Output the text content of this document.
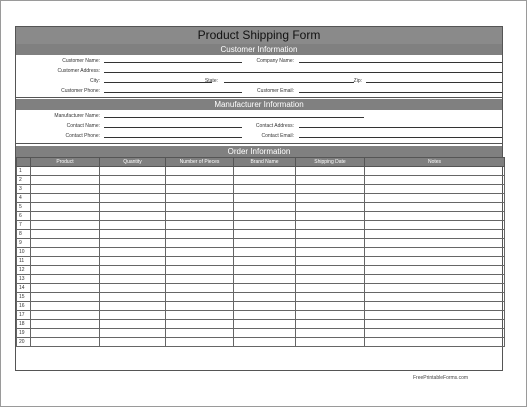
Product Shipping Form
Customer Information
Customer Name:	Company Name:
Customer Address:
City:	State:	Zip:
Customer Phone:	Customer Email:
Manufacturer Information
Manufacturer Name:
Contact Name:	Contact Address:
Contact Phone:	Contact Email:
Order Information
	Product	Quantity	Number of Pieces	Brand Name	Shipping Date	Notes
1						
2						
3						
4						
5						
6						
7						
8						
9						
10						
11						
12						
13						
14						
15						
16						
17						
18						
19						
20						
FreePrintableForms.com
